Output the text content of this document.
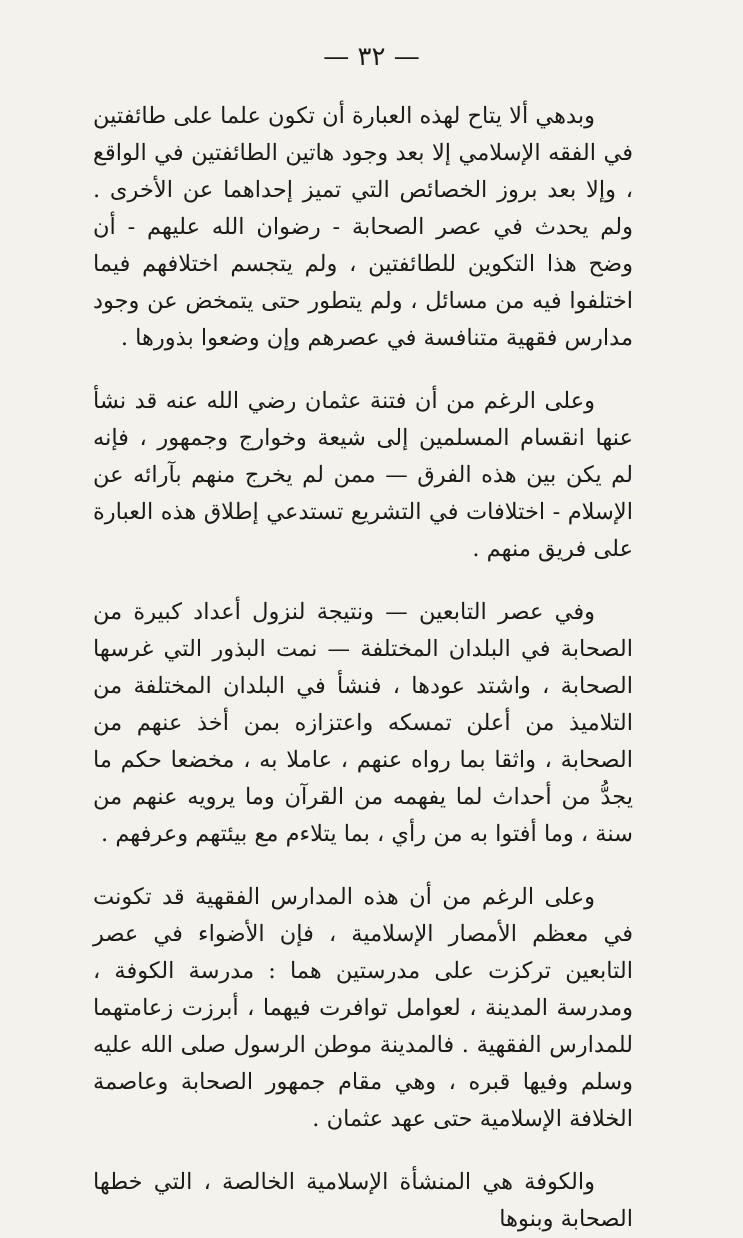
— ٣٢ —

وبدهي ألا يتاح لهذه العبارة أن تكون علما على طائفتين في الفقه الإسلامي إلا بعد وجود هاتين الطائفتين في الواقع ، وإلا بعد بروز الخصائص التي تميز إحداهما عن الأخرى . ولم يحدث في عصر الصحابة - رضوان الله عليهم - أن وضح هذا التكوين للطائفتين ، ولم يتجسم اختلافهم فيما اختلفوا فيه من مسائل ، ولم يتطور حتى يتمخض عن وجود مدارس فقهية متنافسة في عصرهم وإن وضعوا بذورها .

وعلى الرغم من أن فتنة عثمان رضي الله عنه قد نشأ عنها انقسام المسلمين إلى شيعة وخوارج وجمهور ، فإنه لم يكن بين هذه الفرق — ممن لم يخرج منهم بآرائه عن الإسلام - اختلافات في التشريع تستدعي إطلاق هذه العبارة على فريق منهم .

وفي عصر التابعين — ونتيجة لنزول أعداد كبيرة من الصحابة في البلدان المختلفة — نمت البذور التي غرسها الصحابة ، واشتد عودها ، فنشأ في البلدان المختلفة من التلاميذ من أعلن تمسكه واعتزازه بمن أخذ عنهم من الصحابة ، واثقا بما رواه عنهم ، عاملا به ، مخضعا حكم ما يجدُّ من أحداث لما يفهمه من القرآن وما يرويه عنهم من سنة ، وما أفتوا به من رأي ، بما يتلاءم مع بيئتهم وعرفهم .

وعلى الرغم من أن هذه المدارس الفقهية قد تكونت في معظم الأمصار الإسلامية ، فإن الأضواء في عصر التابعين تركزت على مدرستين هما : مدرسة الكوفة ، ومدرسة المدينة ، لعوامل توافرت فيهما ، أبرزت زعامتهما للمدارس الفقهية . فالمدينة موطن الرسول صلى الله عليه وسلم وفيها قبره ، وهي مقام جمهور الصحابة وعاصمة الخلافة الإسلامية حتى عهد عثمان .

والكوفة هي المنشأة الإسلامية الخالصة ، التي خطها الصحابة وبنوها
